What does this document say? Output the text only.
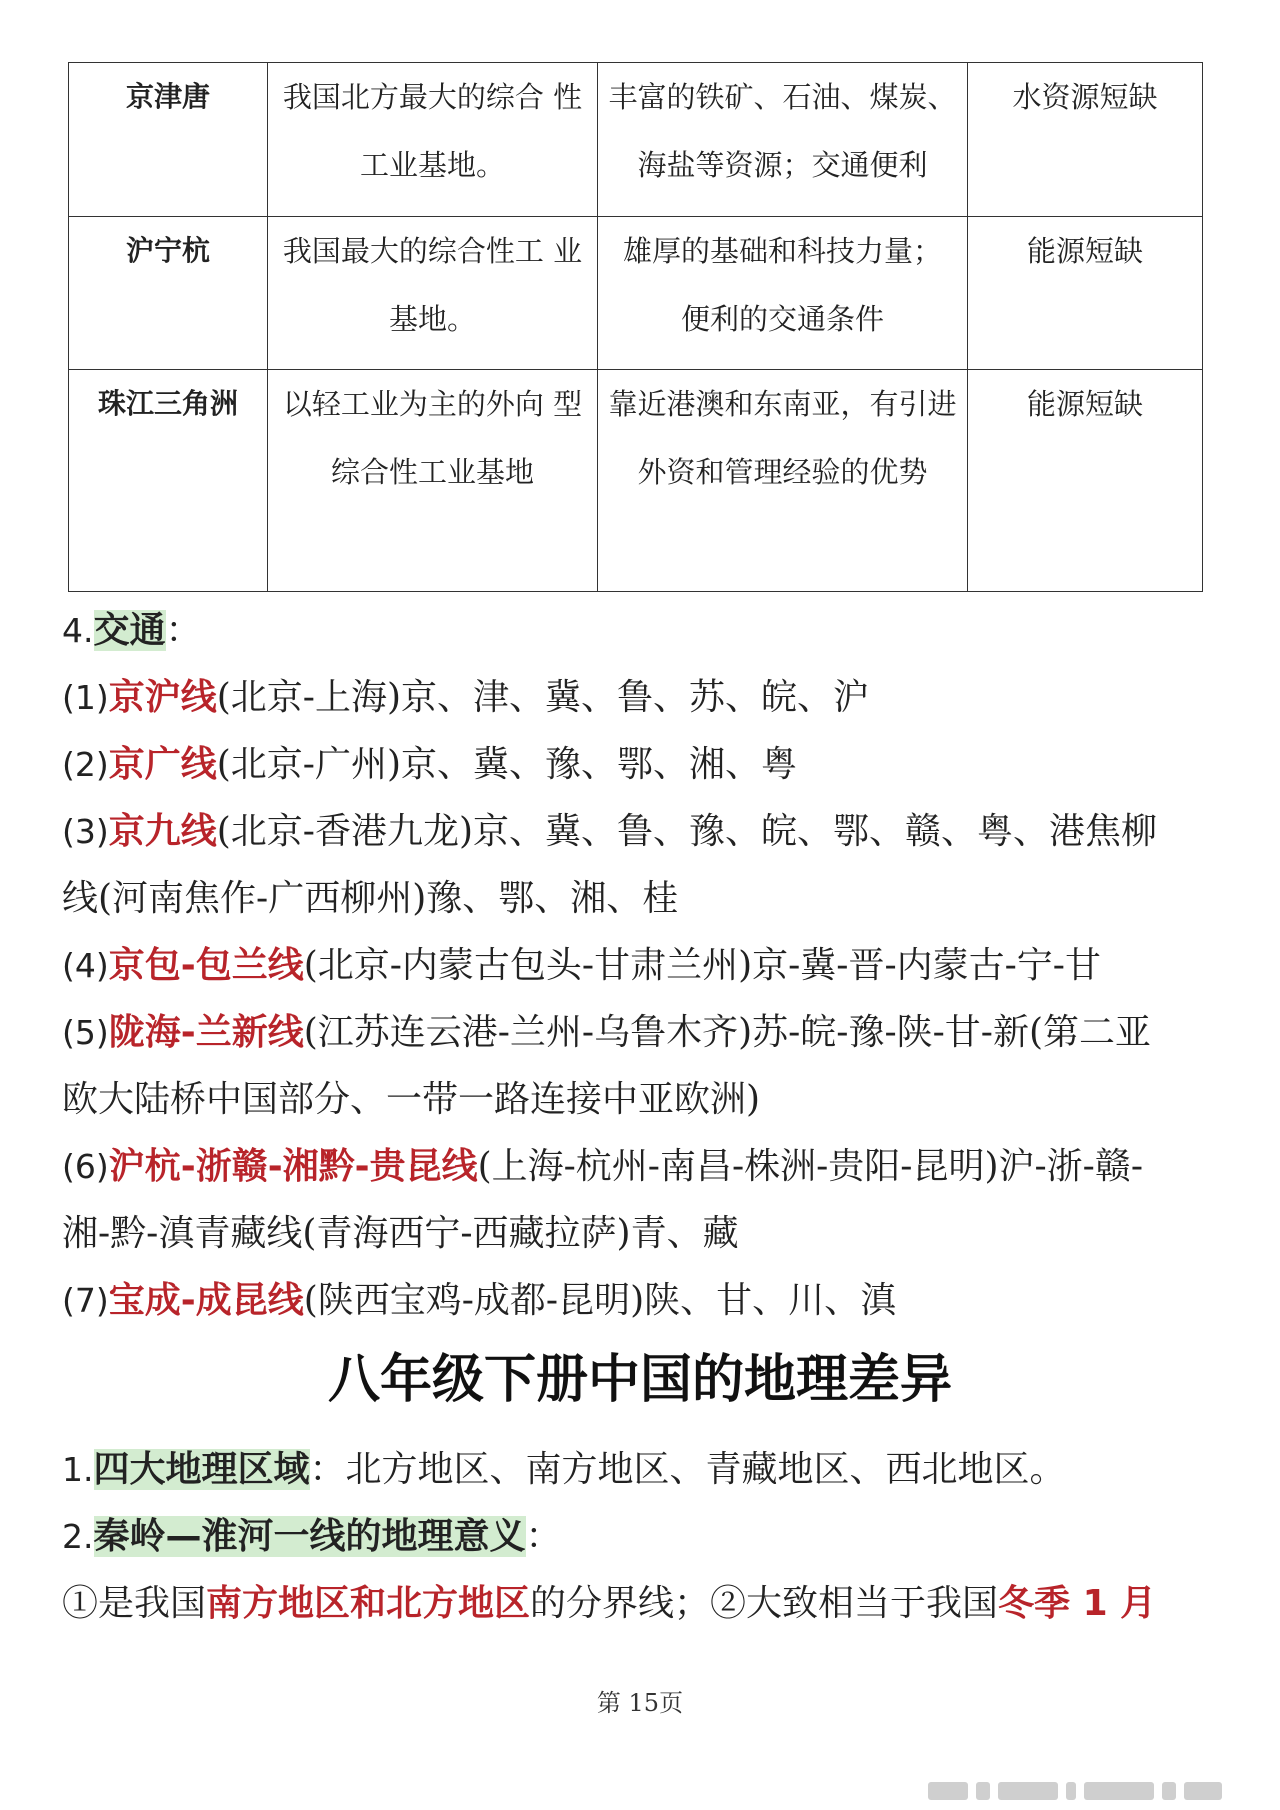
京津唐	我国北方最大的综合 性工业基地。	丰富的铁矿、石油、煤炭、海盐等资源；交通便利	水资源短缺
沪宁杭	我国最大的综合性工 业基地。	雄厚的基础和科技力量； 便利的交通条件	能源短缺
珠江三角洲	以轻工业为主的外向 型综合性工业基地	靠近港澳和东南亚，有引进外资和管理经验的优势	能源短缺
4.交通：
(1)京沪线(北京-上海)京、津、冀、鲁、苏、皖、沪
(2)京广线(北京-广州)京、冀、豫、鄂、湘、粤
(3)京九线(北京-香港九龙)京、冀、鲁、豫、皖、鄂、赣、粤、港焦柳
线(河南焦作-广西柳州)豫、鄂、湘、桂
(4)京包-包兰线(北京-内蒙古包头-甘肃兰州)京-冀-晋-内蒙古-宁-甘
(5)陇海-兰新线(江苏连云港-兰州-乌鲁木齐)苏-皖-豫-陕-甘-新(第二亚
欧大陆桥中国部分、一带一路连接中亚欧洲)
(6)沪杭-浙赣-湘黔-贵昆线(上海-杭州-南昌-株洲-贵阳-昆明)沪-浙-赣-
湘-黔-滇青藏线(青海西宁-西藏拉萨)青、藏
(7)宝成-成昆线(陕西宝鸡-成都-昆明)陕、甘、川、滇
八年级下册中国的地理差异
1.四大地理区域：北方地区、南方地区、青藏地区、西北地区。
2.秦岭—淮河一线的地理意义：
①是我国南方地区和北方地区的分界线；②大致相当于我国冬季 1 月
第 15页
